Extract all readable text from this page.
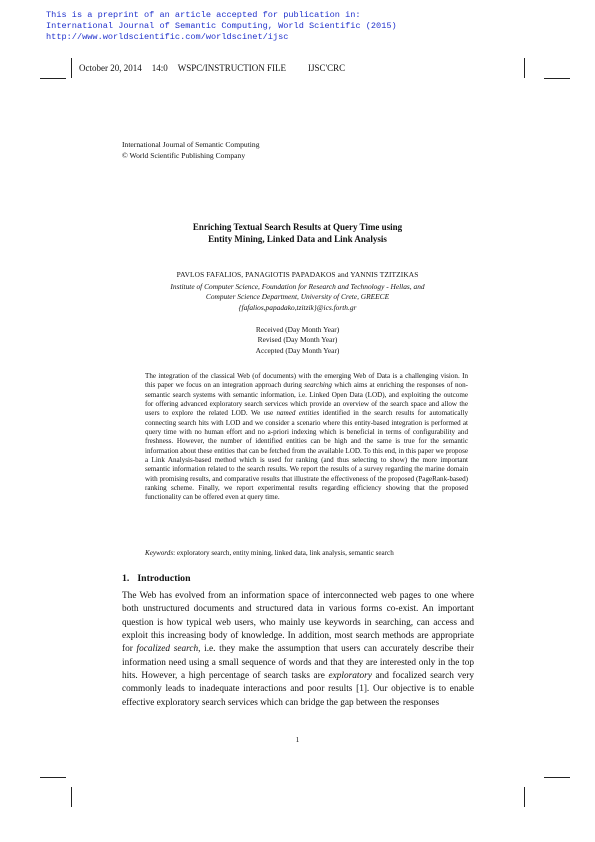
This is a preprint of an article accepted for publication in:
International Journal of Semantic Computing, World Scientific (2015)
http://www.worldscientific.com/worldscinet/ijsc
October 20, 2014 14:0 WSPC/INSTRUCTION FILE IJSC'CRC
International Journal of Semantic Computing
© World Scientific Publishing Company
Enriching Textual Search Results at Query Time using
Entity Mining, Linked Data and Link Analysis
PAVLOS FAFALIOS, PANAGIOTIS PAPADAKOS and YANNIS TZITZIKAS
Institute of Computer Science, Foundation for Research and Technology - Hellas, and
Computer Science Department, University of Crete, GREECE
{fafalios,papadako,tzitzik}@ics.forth.gr
Received (Day Month Year)
Revised (Day Month Year)
Accepted (Day Month Year)
The integration of the classical Web (of documents) with the emerging Web of Data is a challenging vision. In this paper we focus on an integration approach during searching which aims at enriching the responses of non-semantic search systems with semantic information, i.e. Linked Open Data (LOD), and exploiting the outcome for offering advanced exploratory search services which provide an overview of the search space and allow the users to explore the related LOD. We use named entities identified in the search results for automatically connecting search hits with LOD and we consider a scenario where this entity-based integration is performed at query time with no human effort and no a-priori indexing which is beneficial in terms of configurability and freshness. However, the number of identified entities can be high and the same is true for the semantic information about these entities that can be fetched from the available LOD. To this end, in this paper we propose a Link Analysis-based method which is used for ranking (and thus selecting to show) the more important semantic information related to the search results. We report the results of a survey regarding the marine domain with promising results, and comparative results that illustrate the effectiveness of the proposed (PageRank-based) ranking scheme. Finally, we report experimental results regarding efficiency showing that the proposed functionality can be offered even at query time.
Keywords: exploratory search, entity mining, linked data, link analysis, semantic search
1. Introduction

The Web has evolved from an information space of interconnected web pages to one where both unstructured documents and structured data in various forms co-exist. An important question is how typical web users, who mainly use keywords in searching, can access and exploit this increasing body of knowledge. In addition, most search methods are appropriate for focalized search, i.e. they make the assumption that users can accurately describe their information need using a small sequence of words and that they are interested only in the top hits. However, a high percentage of search tasks are exploratory and focalized search very commonly leads to inadequate interactions and poor results [1]. Our objective is to enable effective exploratory search services which can bridge the gap between the responses

1
